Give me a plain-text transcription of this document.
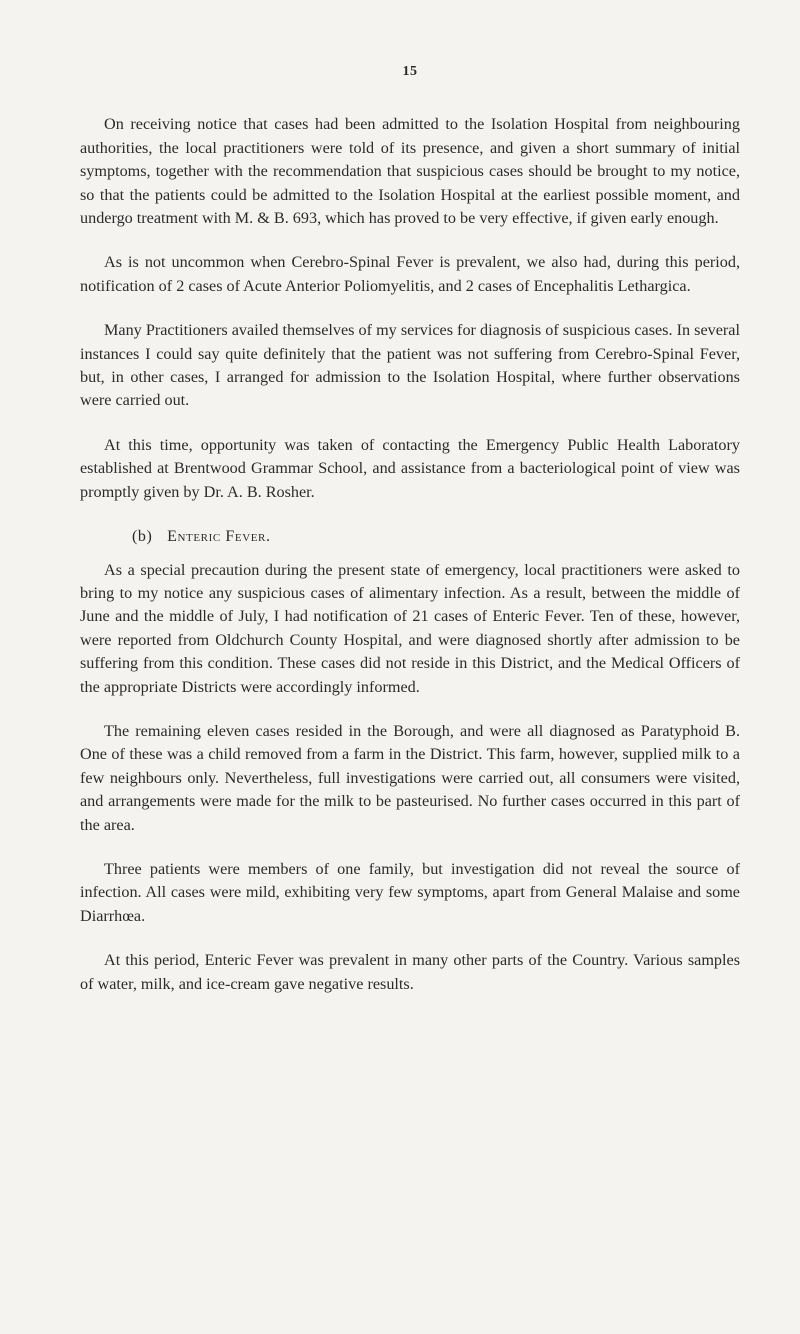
15

On receiving notice that cases had been admitted to the Isolation Hospital from neighbouring authorities, the local practitioners were told of its presence, and given a short summary of initial symptoms, together with the recommendation that suspicious cases should be brought to my notice, so that the patients could be admitted to the Isolation Hospital at the earliest possible moment, and undergo treatment with M. & B. 693, which has proved to be very effective, if given early enough.

As is not uncommon when Cerebro-Spinal Fever is prevalent, we also had, during this period, notification of 2 cases of Acute Anterior Poliomyelitis, and 2 cases of Encephalitis Lethargica.

Many Practitioners availed themselves of my services for diagnosis of suspicious cases. In several instances I could say quite definitely that the patient was not suffering from Cerebro-Spinal Fever, but, in other cases, I arranged for admission to the Isolation Hospital, where further observations were carried out.

At this time, opportunity was taken of contacting the Emergency Public Health Laboratory established at Brentwood Grammar School, and assistance from a bacteriological point of view was promptly given by Dr. A. B. Rosher.

(b) Enteric Fever.

As a special precaution during the present state of emergency, local practitioners were asked to bring to my notice any suspicious cases of alimentary infection. As a result, between the middle of June and the middle of July, I had notification of 21 cases of Enteric Fever. Ten of these, however, were reported from Oldchurch County Hospital, and were diagnosed shortly after admission to be suffering from this condition. These cases did not reside in this District, and the Medical Officers of the appropriate Districts were accordingly informed.

The remaining eleven cases resided in the Borough, and were all diagnosed as Paratyphoid B. One of these was a child removed from a farm in the District. This farm, however, supplied milk to a few neighbours only. Nevertheless, full investigations were carried out, all consumers were visited, and arrangements were made for the milk to be pasteurised. No further cases occurred in this part of the area.

Three patients were members of one family, but investigation did not reveal the source of infection. All cases were mild, exhibiting very few symptoms, apart from General Malaise and some Diarrhœa.

At this period, Enteric Fever was prevalent in many other parts of the Country. Various samples of water, milk, and ice-cream gave negative results.
